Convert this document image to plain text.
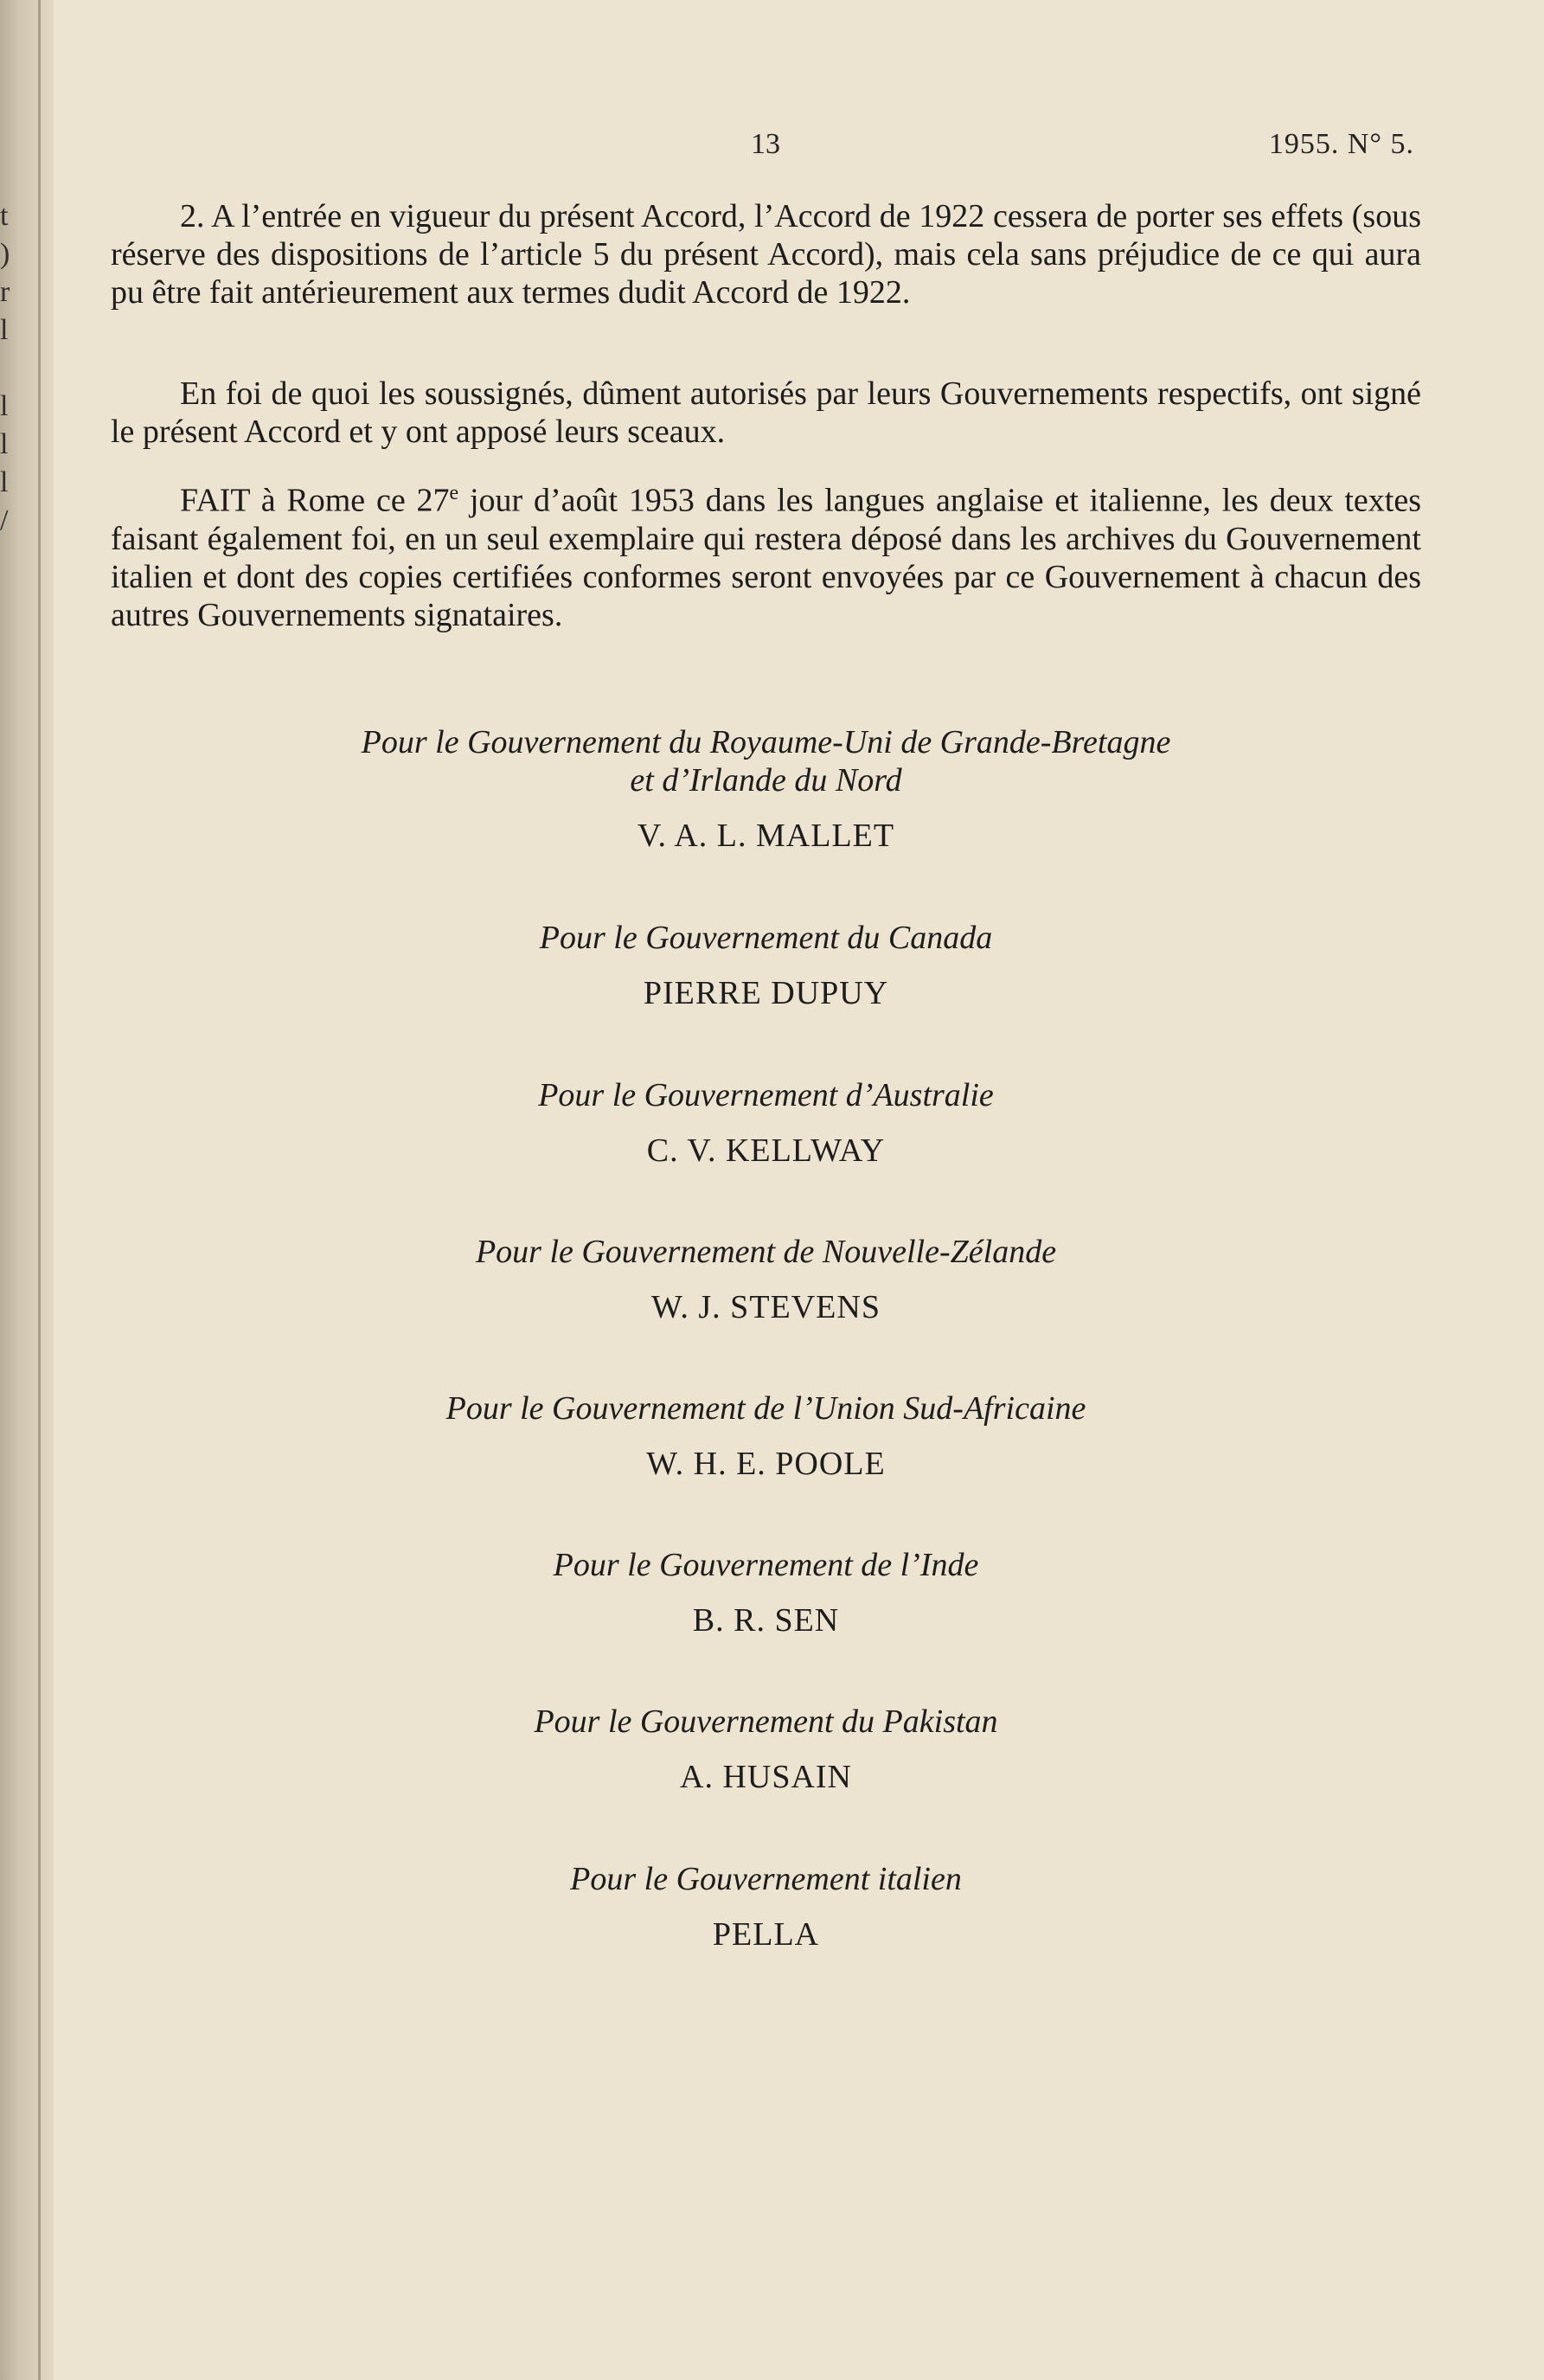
t
)
r
l

l
l
l
/
13	1955. N° 5.

2. A l’entrée en vigueur du présent Accord, l’Accord de 1922 cessera de porter ses effets (sous réserve des dispositions de l’article 5 du présent Accord), mais cela sans préjudice de ce qui aura pu être fait antérieurement aux termes dudit Accord de 1922.

En foi de quoi les soussignés, dûment autorisés par leurs Gouvernements respectifs, ont signé le présent Accord et y ont apposé leurs sceaux.

FAIT à Rome ce 27e jour d’août 1953 dans les langues anglaise et italienne, les deux textes faisant également foi, en un seul exemplaire qui restera déposé dans les archives du Gouvernement italien et dont des copies certifiées conformes seront envoyées par ce Gouvernement à chacun des autres Gouvernements signataires.

Pour le Gouvernement du Royaume-Uni de Grande-Bretagne

et d’Irlande du Nord

V. A. L. MALLET

Pour le Gouvernement du Canada

PIERRE DUPUY

Pour le Gouvernement d’Australie

C. V. KELLWAY

Pour le Gouvernement de Nouvelle-Zélande

W. J. STEVENS

Pour le Gouvernement de l’Union Sud-Africaine

W. H. E. POOLE

Pour le Gouvernement de l’Inde

B. R. SEN

Pour le Gouvernement du Pakistan

A. HUSAIN

Pour le Gouvernement italien

PELLA
